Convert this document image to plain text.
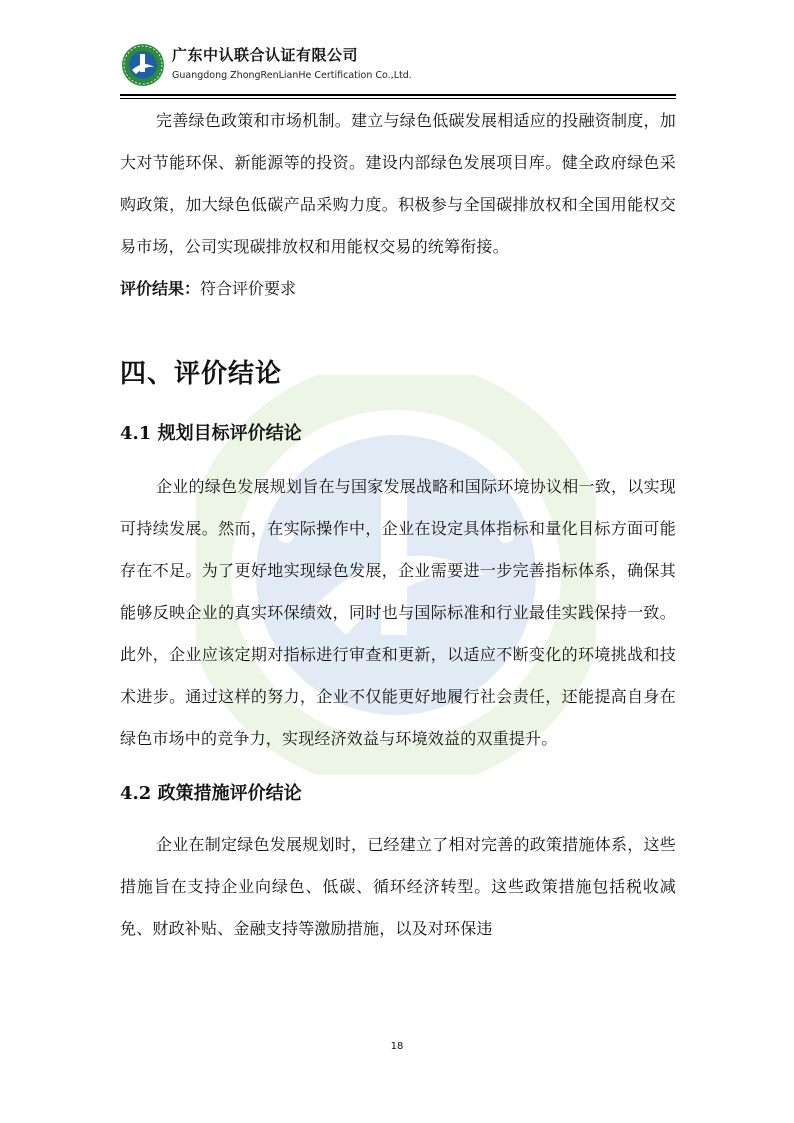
广东中认联合认证有限公司
Guangdong ZhongRenLianHe Certification Co.,Ltd.

完善绿色政策和市场机制。建立与绿色低碳发展相适应的投融资制度，加大对节能环保、新能源等的投资。建设内部绿色发展项目库。健全政府绿色采购政策，加大绿色低碳产品采购力度。积极参与全国碳排放权和全国用能权交易市场，公司实现碳排放权和用能权交易的统筹衔接。

评价结果：符合评价要求

四、评价结论
4.1 规划目标评价结论

企业的绿色发展规划旨在与国家发展战略和国际环境协议相一致，以实现可持续发展。然而，在实际操作中，企业在设定具体指标和量化目标方面可能存在不足。为了更好地实现绿色发展，企业需要进一步完善指标体系，确保其能够反映企业的真实环保绩效，同时也与国际标准和行业最佳实践保持一致。此外，企业应该定期对指标进行审查和更新，以适应不断变化的环境挑战和技术进步。通过这样的努力，企业不仅能更好地履行社会责任，还能提高自身在绿色市场中的竞争力，实现经济效益与环境效益的双重提升。

4.2 政策措施评价结论

企业在制定绿色发展规划时，已经建立了相对完善的政策措施体系，这些措施旨在支持企业向绿色、低碳、循环经济转型。这些政策措施包括税收减免、财政补贴、金融支持等激励措施，以及对环保违

18
